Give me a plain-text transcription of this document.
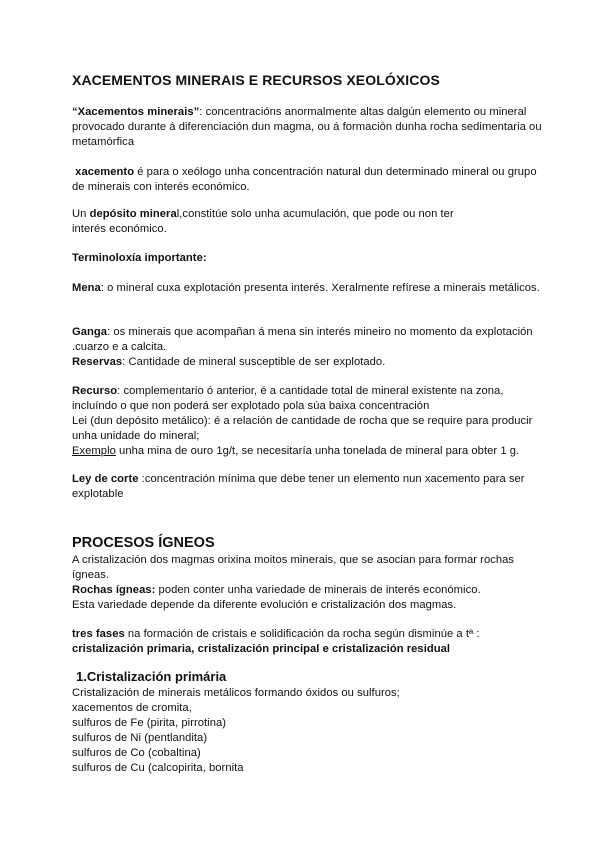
XACEMENTOS MINERAIS E RECURSOS XEOLÓXICOS

“Xacementos minerais”: concentracións anormalmente altas dalgún elemento ou mineral provocado durante á diferenciación dun magma, ou á formación dunha rocha sedimentaria ou metamórfica

xacemento é para o xeólogo unha concentración natural dun determinado mineral ou grupo de minerais con interés económico.

Un depósito mineral,constitúe solo unha acumulación, que pode ou non ter

interés económico.

Terminoloxía importante:

Mena: o mineral cuxa explotación presenta interés. Xeralmente refírese a minerais metálicos.

Ganga: os minerais que acompañan á mena sin interés mineiro no momento da explotación .cuarzo e a calcita.

Reservas: Cantidade de mineral susceptible de ser explotado.

Recurso: complementario ó anterior, é a cantidade total de mineral existente na zona, incluíndo o que non poderá ser explotado pola súa baixa concentración

Lei (dun depósito metálico): é a relación de cantidade de rocha que se require para producir unha unidade do mineral;

Exemplo unha mina de ouro 1g/t, se necesitaría unha tonelada de mineral para obter 1 g.

Ley de corte :concentración mínima que debe tener un elemento nun xacemento para ser explotable

PROCESOS ÍGNEOS

A cristalización dos magmas orixina moitos minerais, que se asocian para formar rochas ígneas.

Rochas ígneas: poden conter unha variedade de minerais de interés económico.

Esta variedade depende da diferente evolución e cristalización dos magmas.

tres fases na formación de cristais e solidificación da rocha según disminúe a tª :

cristalización primaria, cristalización principal e cristalización residual

1.Cristalización primária

Cristalización de minerais metálicos formando óxidos ou sulfuros;

xacementos de cromita,

sulfuros de Fe (pirita, pirrotina)

sulfuros de Ni (pentlandita)

sulfuros de Co (cobaltina)

sulfuros de Cu (calcopirita, bornita
